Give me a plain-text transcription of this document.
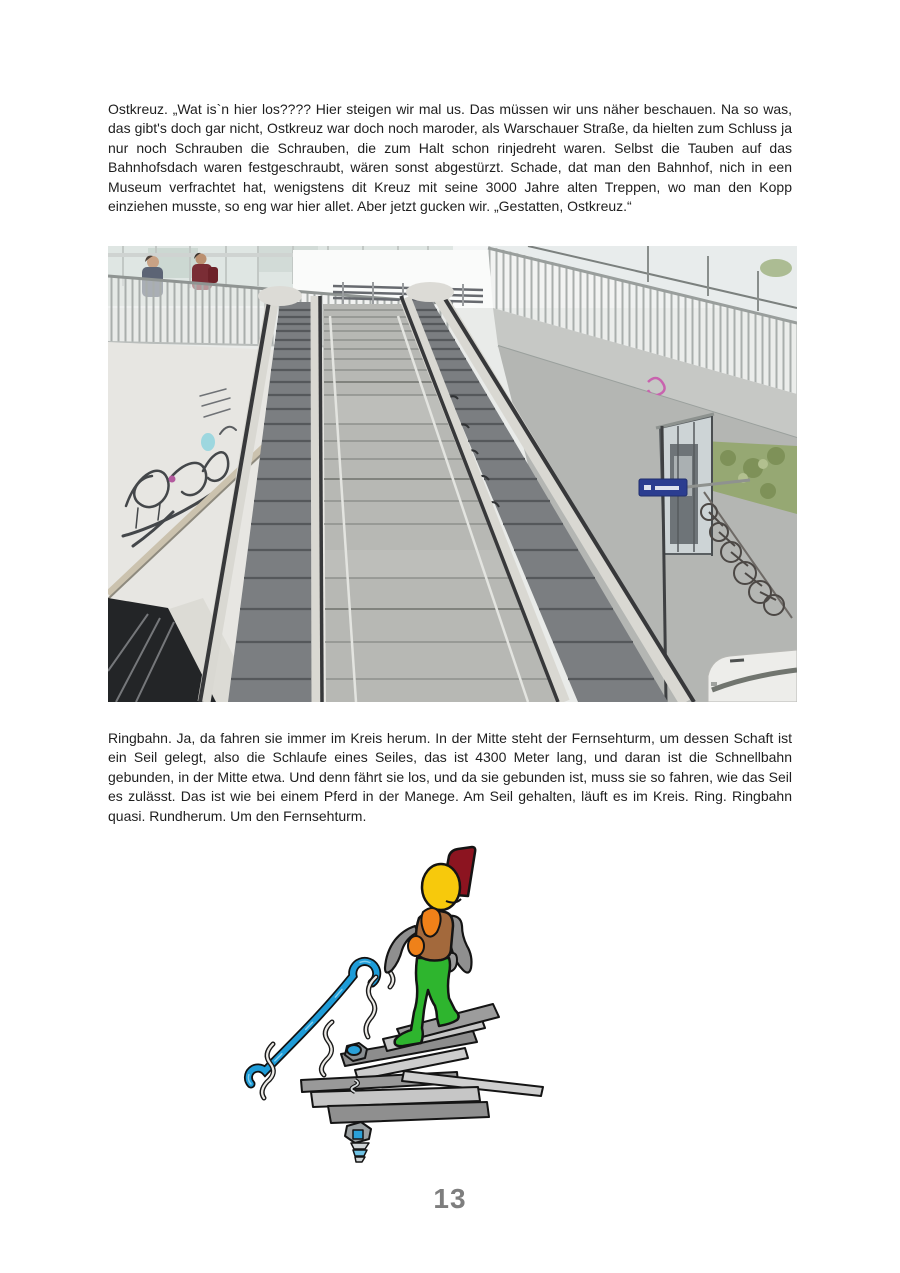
Ostkreuz. „Wat is`n hier los???? Hier steigen wir mal us. Das müssen wir uns näher beschauen. Na so was, das gibt's doch gar nicht, Ostkreuz war doch noch maroder, als Warschauer Straße, da hielten zum Schluss ja nur noch Schrauben die Schrauben, die zum Halt schon rinjedreht waren. Selbst die Tauben auf das Bahnhofsdach waren festgeschraubt, wären sonst abgestürzt. Schade, dat man den Bahnhof, nich in een Museum verfrachtet hat, wenigstens dit Kreuz mit seine 3000 Jahre alten Treppen, wo man den Kopp einziehen musste, so eng war hier allet. Aber jetzt gucken wir. „Gestatten, Ostkreuz.“

Ringbahn. Ja, da fahren sie immer im Kreis herum. In der Mitte steht der Fernsehturm, um dessen Schaft ist ein Seil gelegt, also die Schlaufe eines Seiles, das ist 4300 Meter lang, und daran ist die Schnellbahn gebunden, in der Mitte etwa. Und denn fährt sie los, und da sie gebunden ist, muss sie so fahren, wie das Seil es zulässt. Das ist wie bei einem Pferd in der Manege. Am Seil gehalten, läuft es im Kreis. Ring. Ringbahn quasi. Rundherum. Um den Fernsehturm.

13
